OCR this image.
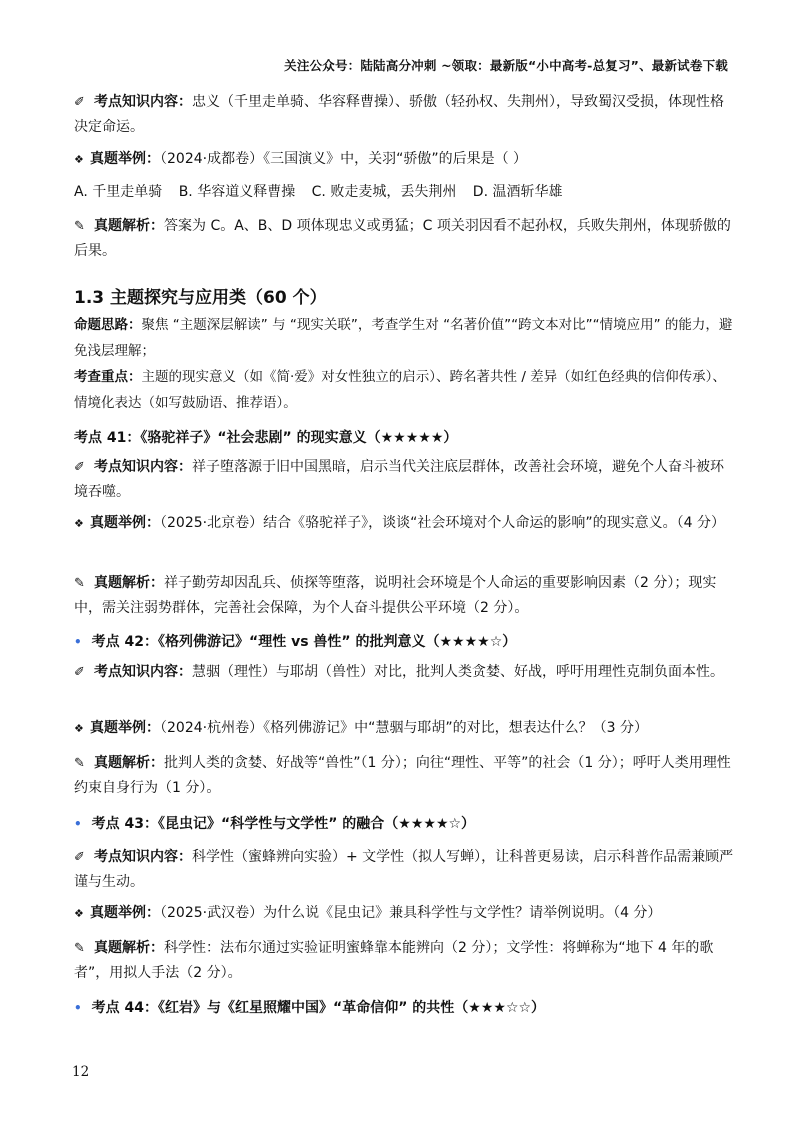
关注公众号：陆陆高分冲刺 ~领取：最新版“小中高考-总复习”、最新试卷下载

✐ 考点知识内容：忠义（千里走单骑、华容释曹操）、骄傲（轻孙权、失荆州），导致蜀汉受损，体现性格决定命运。

❖ 真题举例：（2024·成都卷）《三国演义》中，关羽“骄傲”的后果是（ ）

A. 千里走单骑 B. 华容道义释曹操 C. 败走麦城，丢失荆州 D. 温酒斩华雄

✎ 真题解析：答案为 C。A、B、D 项体现忠义或勇猛；C 项关羽因看不起孙权，兵败失荆州，体现骄傲的后果。

1.3 主题探究与应用类（60 个）

命题思路：聚焦 “主题深层解读” 与 “现实关联”，考查学生对 “名著价值”“跨文本对比”“情境应用” 的能力，避免浅层理解；

考查重点：主题的现实意义（如《简·爱》对女性独立的启示）、跨名著共性 / 差异（如红色经典的信仰传承）、情境化表达（如写鼓励语、推荐语）。

考点 41：《骆驼祥子》“社会悲剧” 的现实意义（★★★★★）

✐ 考点知识内容：祥子堕落源于旧中国黑暗，启示当代关注底层群体，改善社会环境，避免个人奋斗被环境吞噬。

❖ 真题举例：（2025·北京卷）结合《骆驼祥子》，谈谈“社会环境对个人命运的影响”的现实意义。（4 分）

✎ 真题解析：祥子勤劳却因乱兵、侦探等堕落，说明社会环境是个人命运的重要影响因素（2 分）；现实中，需关注弱势群体，完善社会保障，为个人奋斗提供公平环境（2 分）。

• 考点 42：《格列佛游记》“理性 vs 兽性” 的批判意义（★★★★☆）

✐ 考点知识内容：慧骃（理性）与耶胡（兽性）对比，批判人类贪婪、好战，呼吁用理性克制负面本性。

❖ 真题举例：（2024·杭州卷）《格列佛游记》中“慧骃与耶胡”的对比，想表达什么？（3 分）

✎ 真题解析：批判人类的贪婪、好战等“兽性”（1 分）；向往“理性、平等”的社会（1 分）；呼吁人类用理性约束自身行为（1 分）。

• 考点 43：《昆虫记》“科学性与文学性” 的融合（★★★★☆）

✐ 考点知识内容：科学性（蜜蜂辨向实验）+ 文学性（拟人写蝉），让科普更易读，启示科普作品需兼顾严谨与生动。

❖ 真题举例：（2025·武汉卷）为什么说《昆虫记》兼具科学性与文学性？请举例说明。（4 分）

✎ 真题解析：科学性：法布尔通过实验证明蜜蜂靠本能辨向（2 分）；文学性：将蝉称为“地下 4 年的歌者”，用拟人手法（2 分）。

• 考点 44：《红岩》与《红星照耀中国》“革命信仰” 的共性（★★★☆☆）
12
